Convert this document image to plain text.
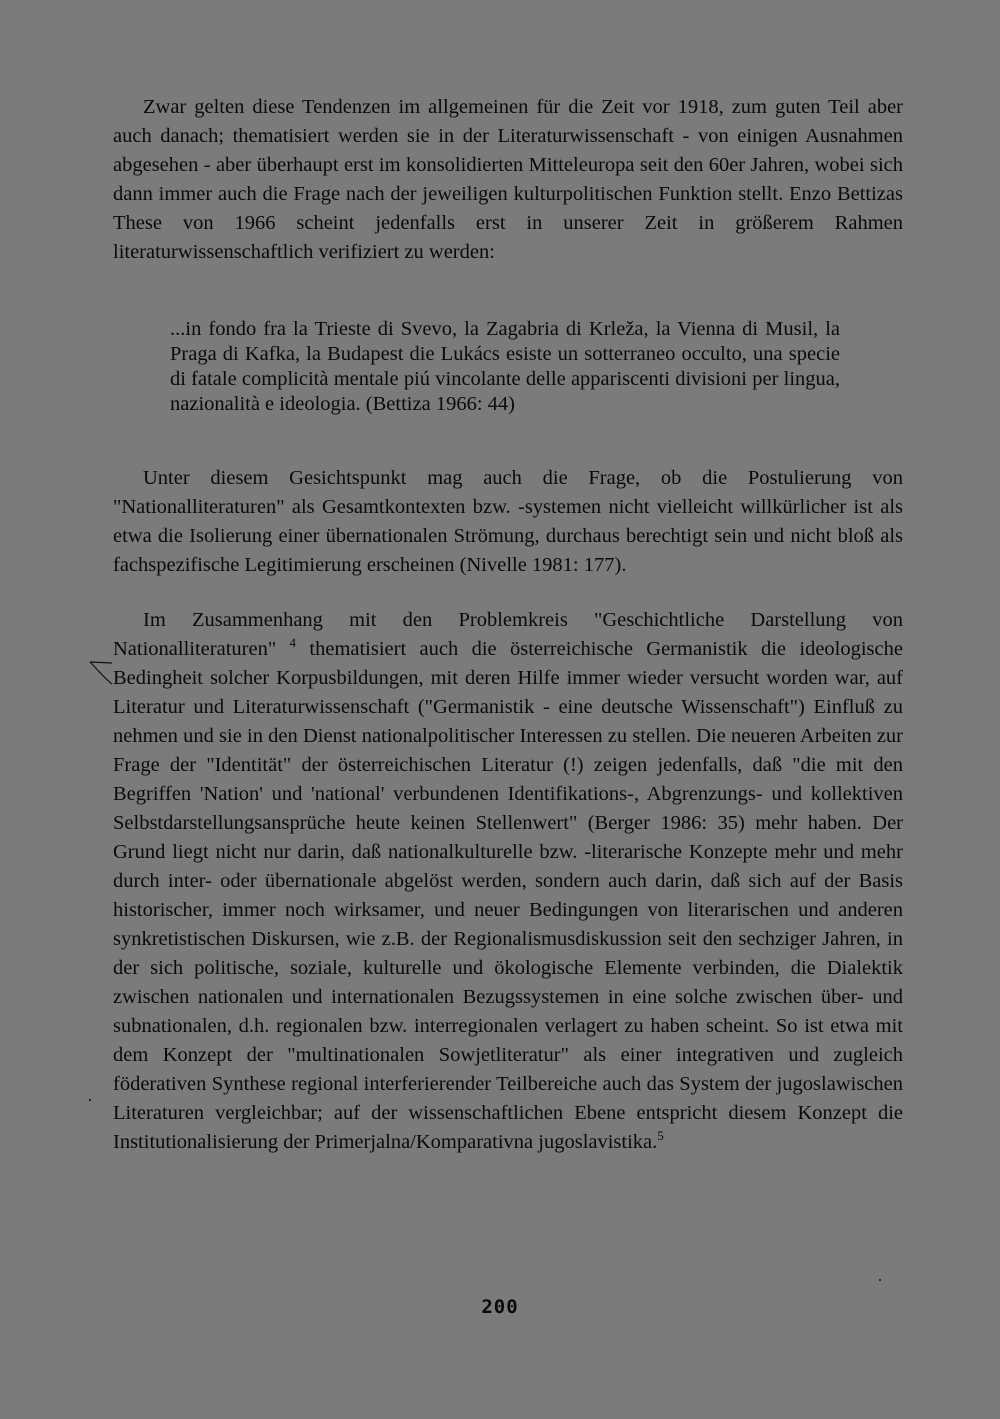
Zwar gelten diese Tendenzen im allgemeinen für die Zeit vor 1918, zum guten Teil aber auch danach; thematisiert werden sie in der Literaturwissenschaft - von einigen Ausnahmen abgesehen - aber überhaupt erst im konsolidierten Mitteleuropa seit den 60er Jahren, wobei sich dann immer auch die Frage nach der jeweiligen kulturpolitischen Funktion stellt. Enzo Bettizas These von 1966 scheint jedenfalls erst in unserer Zeit in größerem Rahmen literaturwissenschaftlich verifiziert zu werden:

...in fondo fra la Trieste di Svevo, la Zagabria di Krleža, la Vienna di Musil, la Praga di Kafka, la Budapest die Lukács esiste un sotterraneo occulto, una specie di fatale complicità mentale piú vincolante delle appariscenti divisioni per lingua, nazionalità e ideologia. (Bettiza 1966: 44)

Unter diesem Gesichtspunkt mag auch die Frage, ob die Postulierung von "Nationalliteraturen" als Gesamtkontexten bzw. -systemen nicht vielleicht willkürlicher ist als etwa die Isolierung einer übernationalen Strömung, durchaus berechtigt sein und nicht bloß als fachspezifische Legitimierung erscheinen (Nivelle 1981: 177).

Im Zusammenhang mit den Problemkreis "Geschichtliche Darstellung von Nationalliteraturen" $^4$ thematisiert auch die österreichische Germanistik die ideologische Bedingheit solcher Korpusbildungen, mit deren Hilfe immer wieder versucht worden war, auf Literatur und Literaturwissenschaft ("Germanistik - eine deutsche Wissenschaft") Einfluß zu nehmen und sie in den Dienst nationalpolitischer Interessen zu stellen. Die neueren Arbeiten zur Frage der "Identität" der österreichischen Literatur (!) zeigen jedenfalls, daß "die mit den Begriffen 'Nation' und 'national' verbundenen Identifikations-, Abgrenzungs- und kollektiven Selbstdarstellungsansprüche heute keinen Stellenwert" (Berger 1986: 35) mehr haben. Der Grund liegt nicht nur darin, daß nationalkulturelle bzw. -literarische Konzepte mehr und mehr durch inter- oder übernationale abgelöst werden, sondern auch darin, daß sich auf der Basis historischer, immer noch wirksamer, und neuer Bedingungen von literarischen und anderen synkretistischen Diskursen, wie z.B. der Regionalismusdiskussion seit den sechziger Jahren, in der sich politische, soziale, kulturelle und ökologische Elemente verbinden, die Dialektik zwischen nationalen und internationalen Bezugssystemen in eine solche zwischen über- und subnationalen, d.h. regionalen bzw. interregionalen verlagert zu haben scheint. So ist etwa mit dem Konzept der "multinationalen Sowjetliteratur" als einer integrativen und zugleich föderativen Synthese regional interferierender Teilbereiche auch das System der jugoslawischen Literaturen vergleichbar; auf der wissenschaftlichen Ebene entspricht diesem Konzept die Institutionalisierung der Primerjalna/Komparativna jugoslavistika.$^5$

200
